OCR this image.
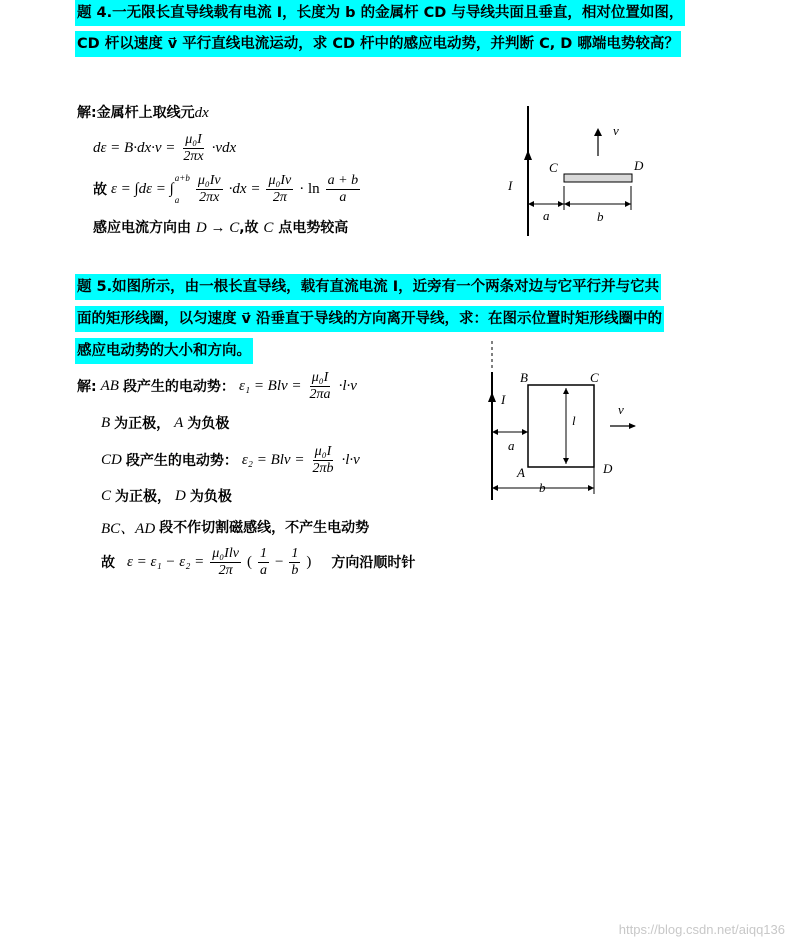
题 4.一无限长直导线载有电流 I，长度为 b 的金属杆 CD 与导线共面且垂直，相对位置如图，
CD 杆以速度 v⃗ 平行直线电流运动，求 CD 杆中的感应电动势，并判断 C, D 哪端电势较高？
解:金属杆上取线元dx
$d\varepsilon = B\cdot dx\cdot v = \frac{\text{μ₀I}}{2\pi x} \cdot vdx$
故 ε = ∫dε = ∫
a+b
a	$\frac{\text{μ₀Iv}}{2\pi x} \cdot dx = \frac{\text{μ₀Iv}}{2\pi} \cdot \ln \frac{a + b}{a}$
感应电流方向由 D → C,故 C 点电势较高
I
C	D
v
a	b
题 5.如图所示，由一根长直导线，载有直流电流 I，近旁有一个两条对边与它平行并与它共
面的矩形线圈，以匀速度 v⃗ 沿垂直于导线的方向离开导线，求：在图示位置时矩形线圈中的
感应电动势的大小和方向。
解: AB 段产生的电动势： ε₁ = Blv = $\frac{\text{μ₀I}}{2\pi a} \cdot l\cdot v$
B 为正极， A 为负极
CD 段产生的电动势： ε₂ = Blv = $\frac{\text{μ₀I}}{2\pi b} \cdot l\cdot v$
C 为正极， D 为负极
BC、AD 段不作切割磁感线，不产生电动势
故 $\varepsilon = \varepsilon_1 - \varepsilon_2 = \frac{\text{μ₀Ilv}}{2\pi}$ ( $\frac{1}{a} - \frac{1}{b}$ ) 方向沿顺时针
I
B	C
A	D
l
a
b
v⃗
https://blog.csdn.net/aiqq136
